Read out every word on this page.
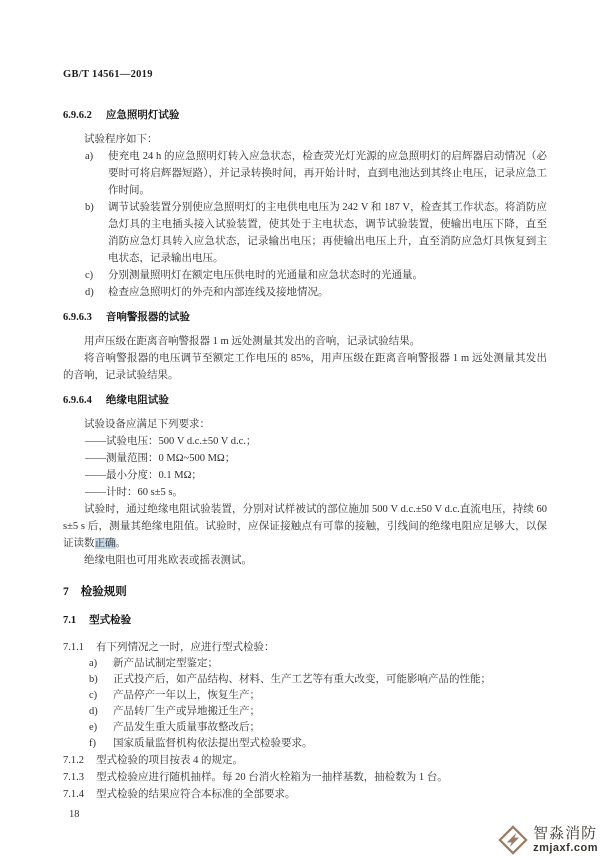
GB/T 14561—2019
6.9.6.2 应急照明灯试验

试验程序如下：

a)	使充电 24 h 的应急照明灯转入应急状态，检查荧光灯光源的应急照明灯的启辉器启动情况（必要时可将启辉器短路），并记录转换时间，再开始计时，直到电池达到其终止电压，记录应急工作时间。
b)	调节试验装置分别使应急照明灯的主电供电电压为 242 V 和 187 V，检查其工作状态。将消防应急灯具的主电插头接入试验装置，使其处于主电状态，调节试验装置，使输出电压下降，直至消防应急灯具转入应急状态，记录输出电压；再使输出电压上升，直至消防应急灯具恢复到主电状态，记录输出电压。
c)	分别测量照明灯在额定电压供电时的光通量和应急状态时的光通量。
d)	检查应急照明灯的外壳和内部连线及接地情况。
6.9.6.3 音响警报器的试验

用声压级在距离音响警报器 1 m 远处测量其发出的音响，记录试验结果。

将音响警报器的电压调节至额定工作电压的 85%，用声压级在距离音响警报器 1 m 远处测量其发出的音响，记录试验结果。

6.9.6.4 绝缘电阻试验

试验设备应满足下列要求：

——试验电压：500 V d.c.±50 V d.c.；
——测量范围：0 MΩ~500 MΩ；
——最小分度：0.1 MΩ；
——计时：60 s±5 s。

试验时，通过绝缘电阻试验装置，分别对试样被试的部位施加 500 V d.c.±50 V d.c.直流电压，持续 60 s±5 s 后，测量其绝缘电阻值。试验时，应保证接触点有可靠的接触，引线间的绝缘电阻应足够大，以保证读数正确。

绝缘电阻也可用兆欧表或摇表测试。

7 检验规则
7.1 型式检验
7.1.1	有下列情况之一时，应进行型式检验：
a)	新产品试制定型鉴定；
b)	正式投产后，如产品结构、材料、生产工艺等有重大改变，可能影响产品的性能；
c)	产品停产一年以上，恢复生产；
d)	产品转厂生产或异地搬迁生产；
e)	产品发生重大质量事故整改后；
f)	国家质量监督机构依法提出型式检验要求。
7.1.2	型式检验的项目按表 4 的规定。
7.1.3	型式检验应进行随机抽样。每 20 台消火栓箱为一抽样基数，抽检数为 1 台。
7.1.4	型式检验的结果应符合本标准的全部要求。
18
智淼消防
zmjaxf.com
